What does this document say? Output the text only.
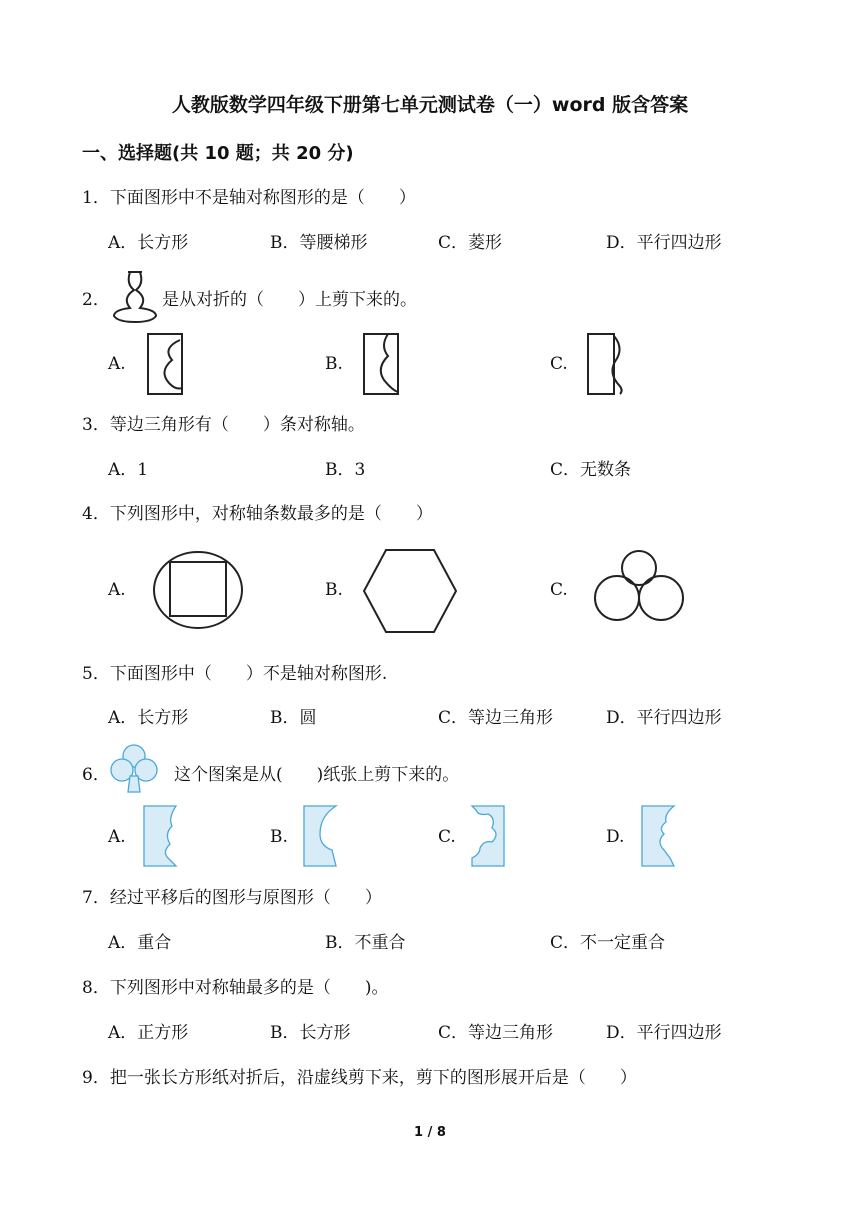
人教版数学四年级下册第七单元测试卷（一）word 版含答案
一、选择题(共 10 题；共 20 分)
1．下面图形中不是轴对称图形的是（　　）
A．长方形	B．等腰梯形	C．菱形	D．平行四边形
2．	是从对折的（　　）上剪下来的。
A.	B.	C.
3．等边三角形有（　　）条对称轴。
A．1	B．3	C．无数条
4．下列图形中，对称轴条数最多的是（　　）
A.	B.	C.
5．下面图形中（　　）不是轴对称图形.
A．长方形	B．圆	C．等边三角形	D．平行四边形
6．	这个图案是从(　　)纸张上剪下来的。
A.	B.	C.	D.
7．经过平移后的图形与原图形（　　）
A．重合	B．不重合	C．不一定重合
8．下列图形中对称轴最多的是（　　)。
A．正方形	B．长方形	C．等边三角形	D．平行四边形
9．把一张长方形纸对折后，沿虚线剪下来，剪下的图形展开后是（　　）
1 / 8
